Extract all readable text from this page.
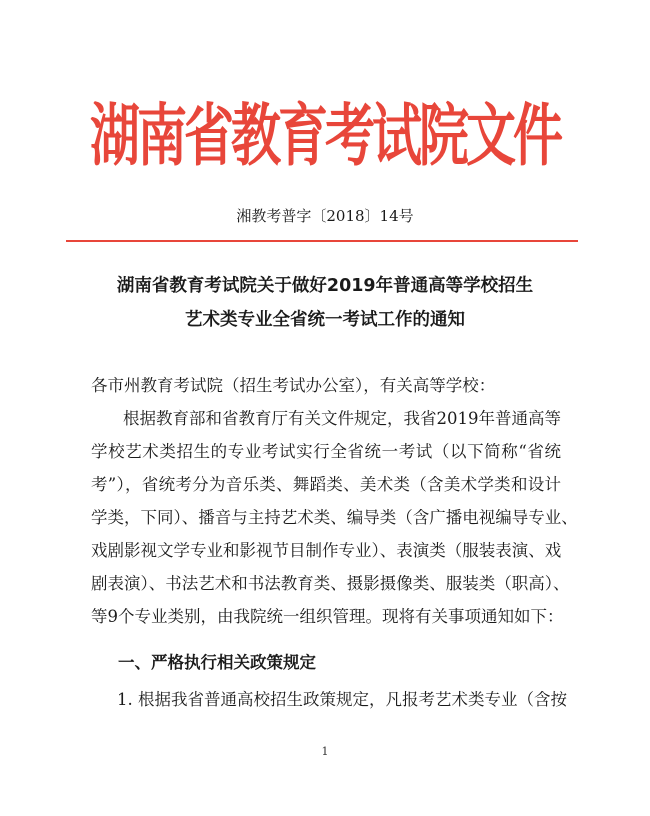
湖南省教育考试院文件
湘教考普字〔2018〕14号
湖南省教育考试院关于做好2019年普通高等学校招生
艺术类专业全省统一考试工作的通知
各市州教育考试院（招生考试办公室），有关高等学校：
根据教育部和省教育厅有关文件规定，我省2019年普通高等
学校艺术类招生的专业考试实行全省统一考试（以下简称“省统
考”），省统考分为音乐类、舞蹈类、美术类（含美术学类和设计
学类，下同）、播音与主持艺术类、编导类（含广播电视编导专业、
戏剧影视文学专业和影视节目制作专业）、表演类（服装表演、戏
剧表演）、书法艺术和书法教育类、摄影摄像类、服装类（职高）、
等9个专业类别，由我院统一组织管理。现将有关事项通知如下：
一、严格执行相关政策规定
1. 根据我省普通高校招生政策规定，凡报考艺术类专业（含按
1
